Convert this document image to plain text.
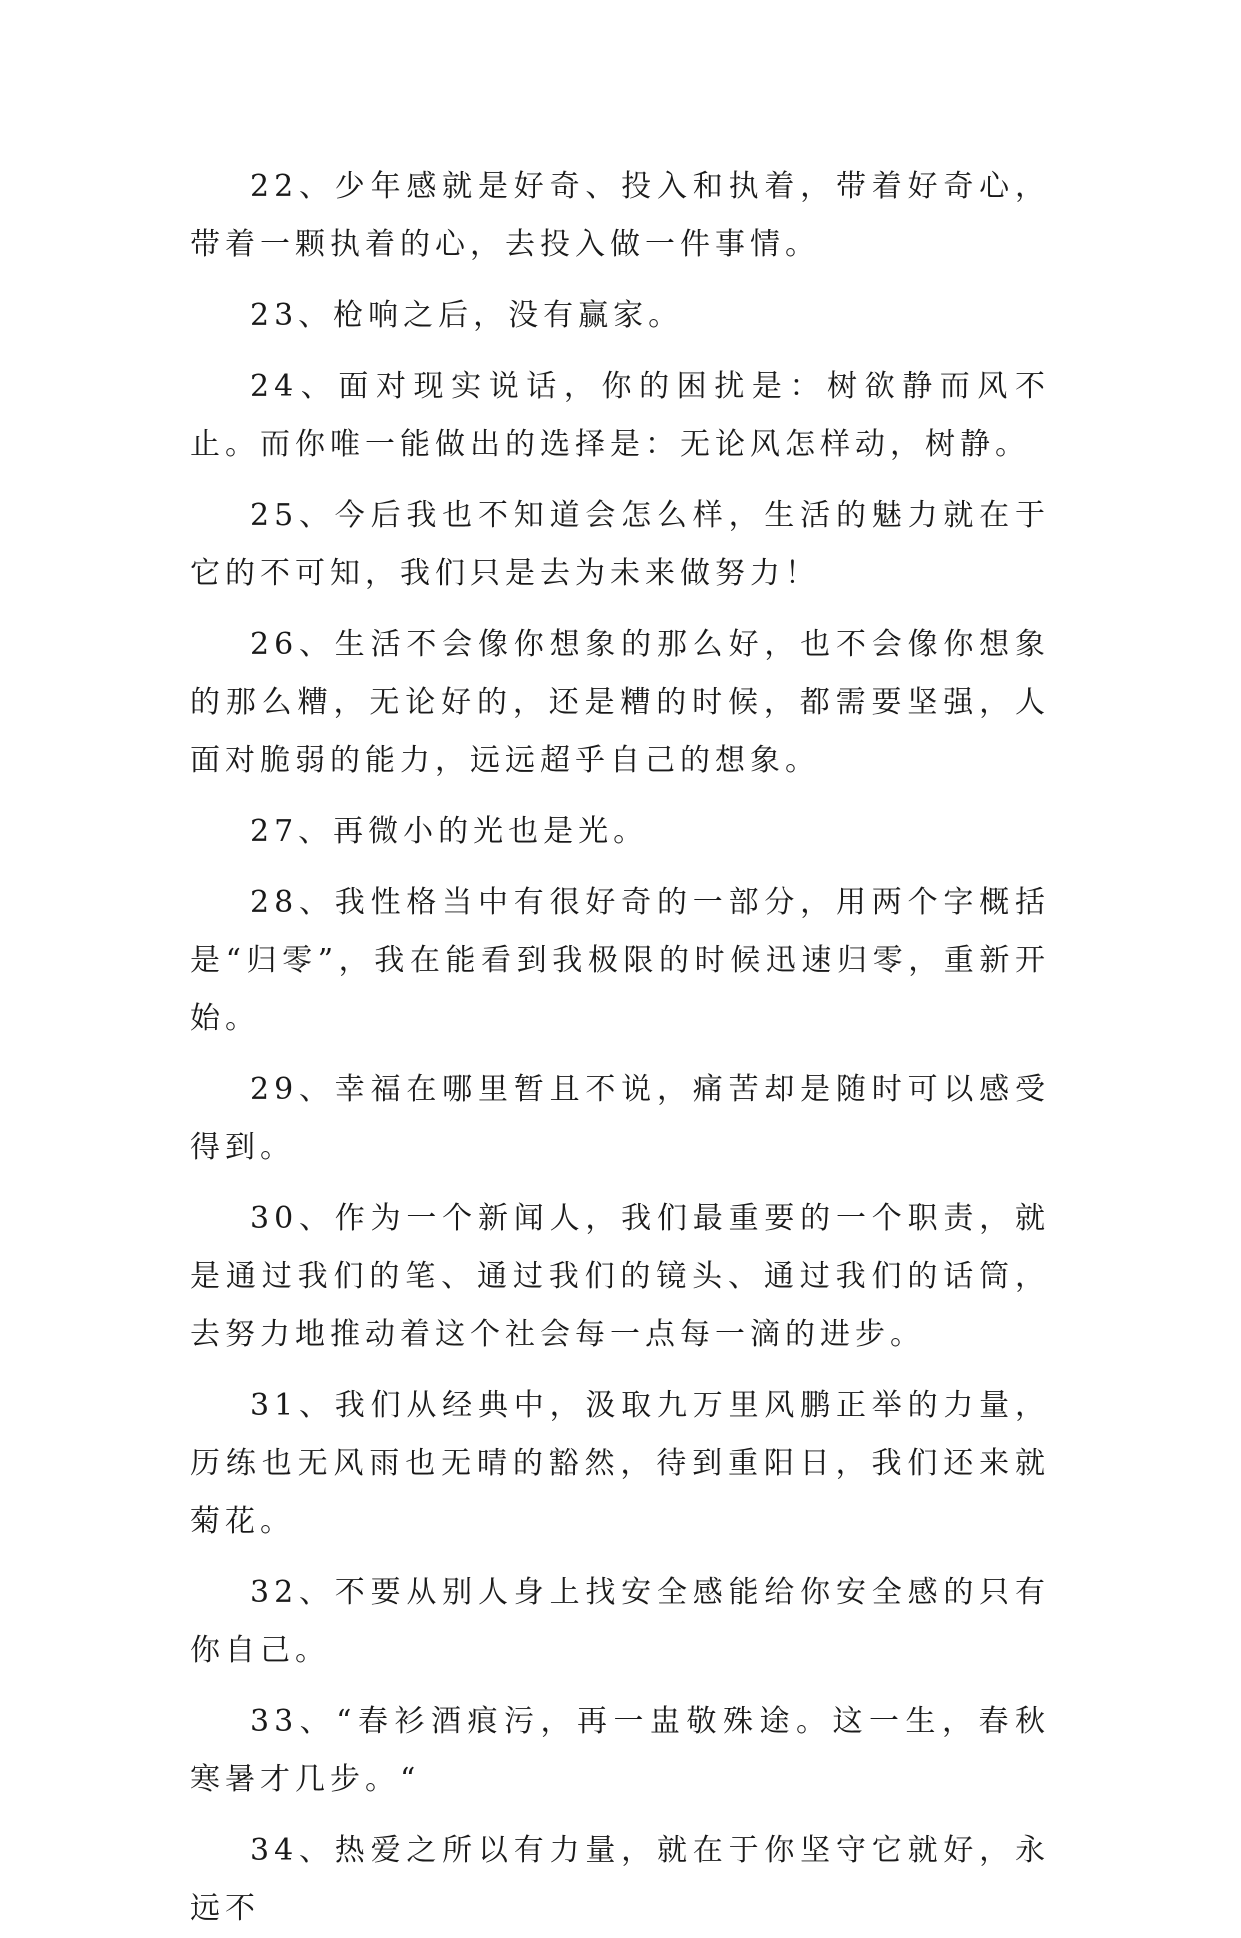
22、少年感就是好奇、投入和执着，带着好奇心，带着一颗执着的心，去投入做一件事情。

23、枪响之后，没有赢家。

24、面对现实说话，你的困扰是：树欲静而风不止。而你唯一能做出的选择是：无论风怎样动，树静。

25、今后我也不知道会怎么样，生活的魅力就在于它的不可知，我们只是去为未来做努力！

26、生活不会像你想象的那么好，也不会像你想象的那么糟，无论好的，还是糟的时候，都需要坚强，人面对脆弱的能力，远远超乎自己的想象。

27、再微小的光也是光。

28、我性格当中有很好奇的一部分，用两个字概括是“归零”，我在能看到我极限的时候迅速归零，重新开始。

29、幸福在哪里暂且不说，痛苦却是随时可以感受得到。

30、作为一个新闻人，我们最重要的一个职责，就是通过我们的笔、通过我们的镜头、通过我们的话筒，去努力地推动着这个社会每一点每一滴的进步。

31、我们从经典中，汲取九万里风鹏正举的力量，历练也无风雨也无晴的豁然，待到重阳日，我们还来就菊花。

32、不要从别人身上找安全感能给你安全感的只有你自己。

33、“春衫酒痕污，再一盅敬殊途。这一生，春秋寒暑才几步。“

34、热爱之所以有力量，就在于你坚守它就好，永远不
